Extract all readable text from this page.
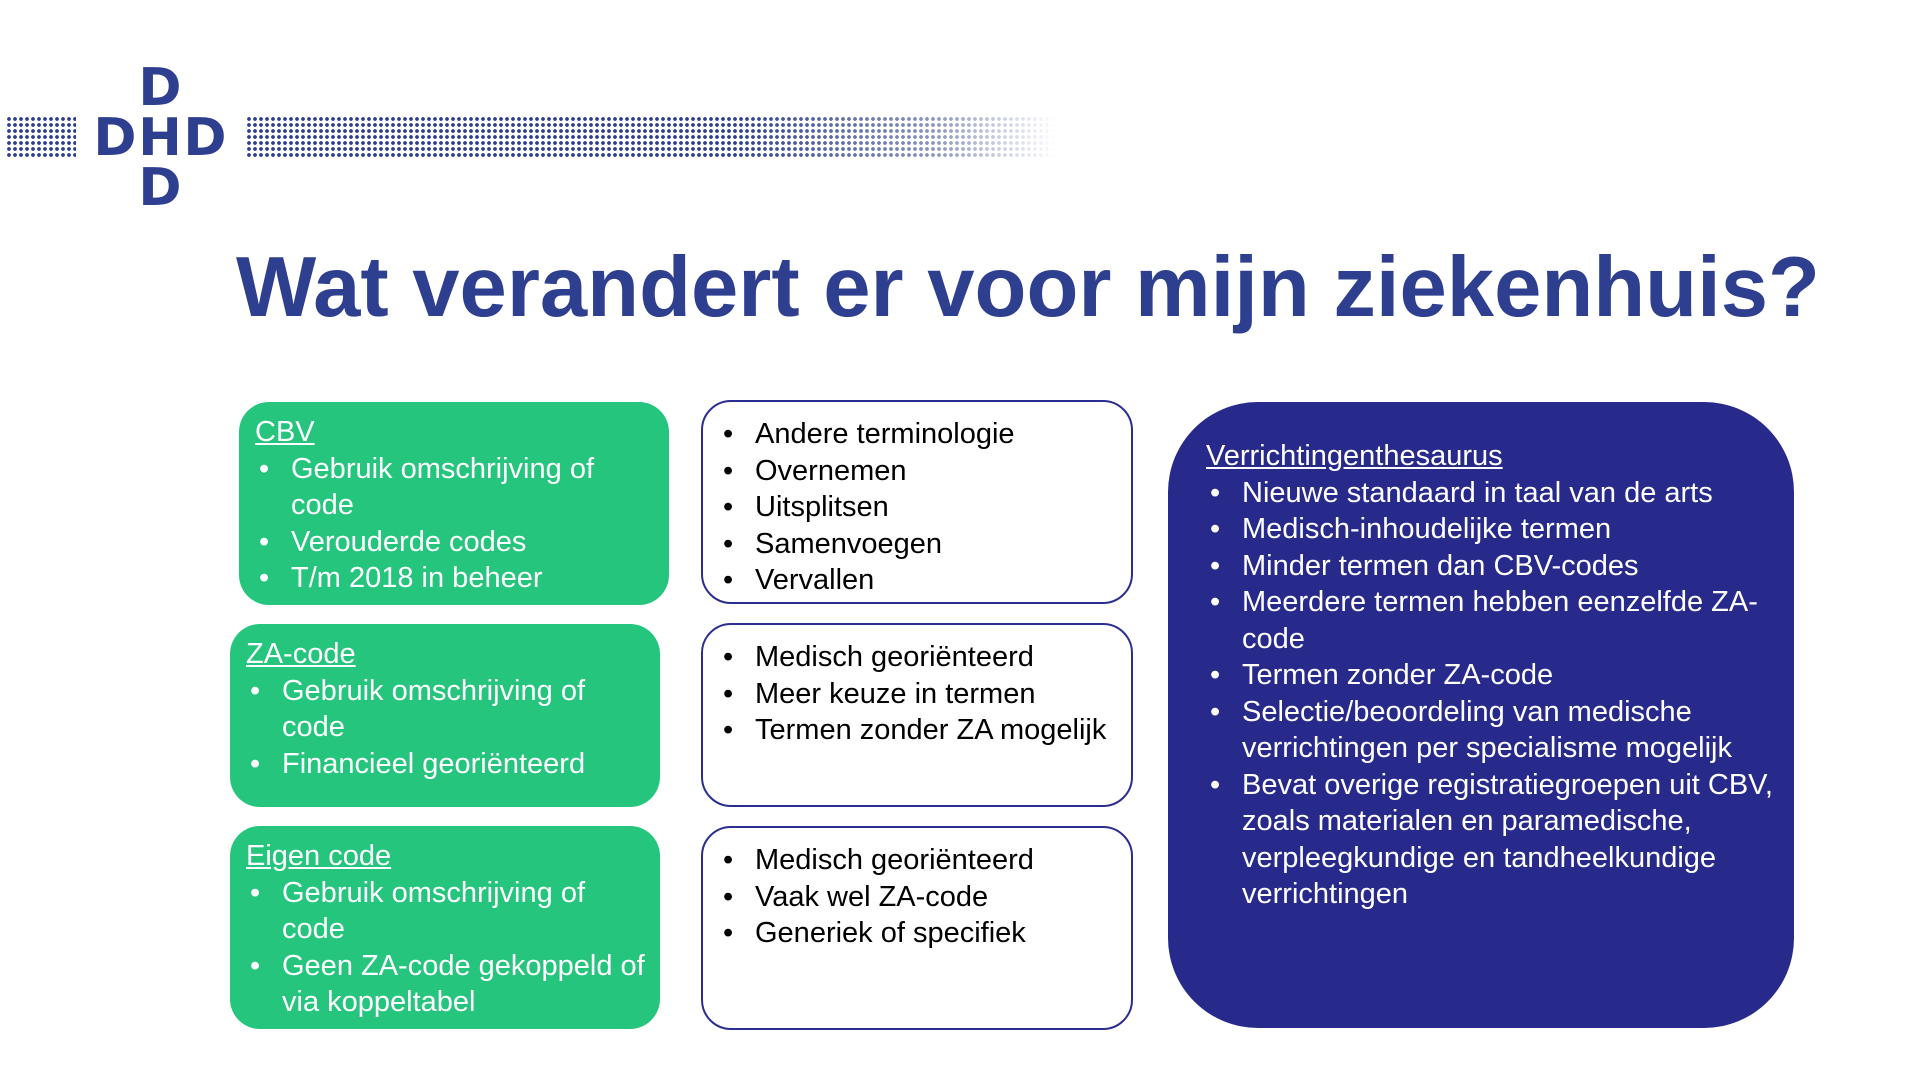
D
D H D
D
Wat verandert er voor mijn ziekenhuis?
CBV
• Gebruik omschrijving of code
• Verouderde codes
• T/m 2018 in beheer
ZA-code
• Gebruik omschrijving of code
• Financieel georiënteerd
Eigen code
• Gebruik omschrijving of code
• Geen ZA-code gekoppeld of via koppeltabel
• Andere terminologie
• Overnemen
• Uitsplitsen
• Samenvoegen
• Vervallen
• Medisch georiënteerd
• Meer keuze in termen
• Termen zonder ZA mogelijk
• Medisch georiënteerd
• Vaak wel ZA-code
• Generiek of specifiek
Verrichtingenthesaurus
• Nieuwe standaard in taal van de arts
• Medisch-inhoudelijke termen
• Minder termen dan CBV-codes
• Meerdere termen hebben eenzelfde ZA-code
• Termen zonder ZA-code
• Selectie/beoordeling van medische verrichtingen per specialisme mogelijk
• Bevat overige registratiegroepen uit CBV, zoals materialen en paramedische, verpleegkundige en tandheelkundige verrichtingen
